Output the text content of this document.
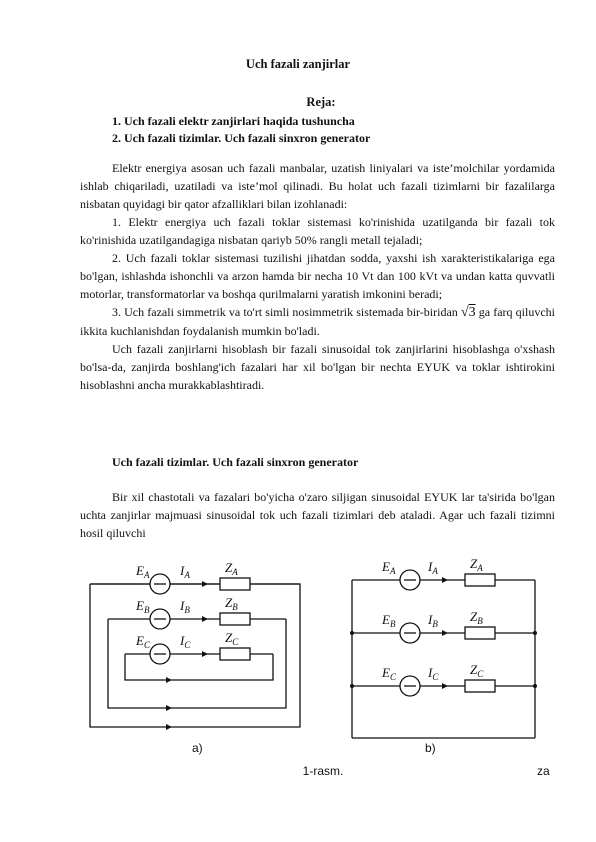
Uch fazali zanjirlar
Reja:
1. Uch fazali elektr zanjirlari haqida tushuncha
2. Uch fazali tizimlar. Uch fazali sinxron generator

Elektr energiya asosan uch fazali manbalar, uzatish liniyalari va iste’molchilar yordamida ishlab chiqariladi, uzatiladi va iste’mol qilinadi. Bu holat uch fazali tizimlarni bir fazalilarga nisbatan quyidagi bir qator afzalliklari bilan izohlanadi:

1. Elektr energiya uch fazali toklar sistemasi ko'rinishida uzatilganda bir fazali tok ko'rinishida uzatilgandagiga nisbatan qariyb 50% rangli metall tejaladi;

2. Uch fazali toklar sistemasi tuzilishi jihatdan sodda, yaxshi ish xarakteristikalariga ega bo'lgan, ishlashda ishonchli va arzon hamda bir necha 10 Vt dan 100 kVt va undan katta quvvatli motorlar, transformatorlar va boshqa qurilmalarni yaratish imkonini beradi;

3. Uch fazali simmetrik va to'rt simli nosimmetrik sistemada bir-biridan √3 ga farq qiluvchi ikkita kuchlanishdan foydalanish mumkin bo'ladi.

Uch fazali zanjirlarni hisoblash bir fazali sinusoidal tok zanjirlarini hisoblashga o'xshash bo'lsa-da, zanjirda boshlang'ich fazalari har xil bo'lgan bir nechta EYUK va toklar ishtirokini hisoblashni ancha murakkablashtiradi.

Uch fazali tizimlar. Uch fazali sinxron generator

Bir xil chastotali va fazalari bo'yicha o'zaro siljigan sinusoidal EYUK lar ta'sirida bo'lgan uchta zanjirlar majmuasi sinusoidal tok uch fazali tizimlari deb ataladi. Agar uch fazali tizimni hosil qiluvchi

$E_A$ $I_A$	$Z_A$
$E_B$ $I_B$	$Z_B$
$E_C$ $I_C$	$Z_C$
$E_A$	$I_A$ $Z_A$
$E_B$	$I_B$ $Z_B$
$E_C$ $I_C$ $Z_C$
a)	b)
1-rasm.	za
